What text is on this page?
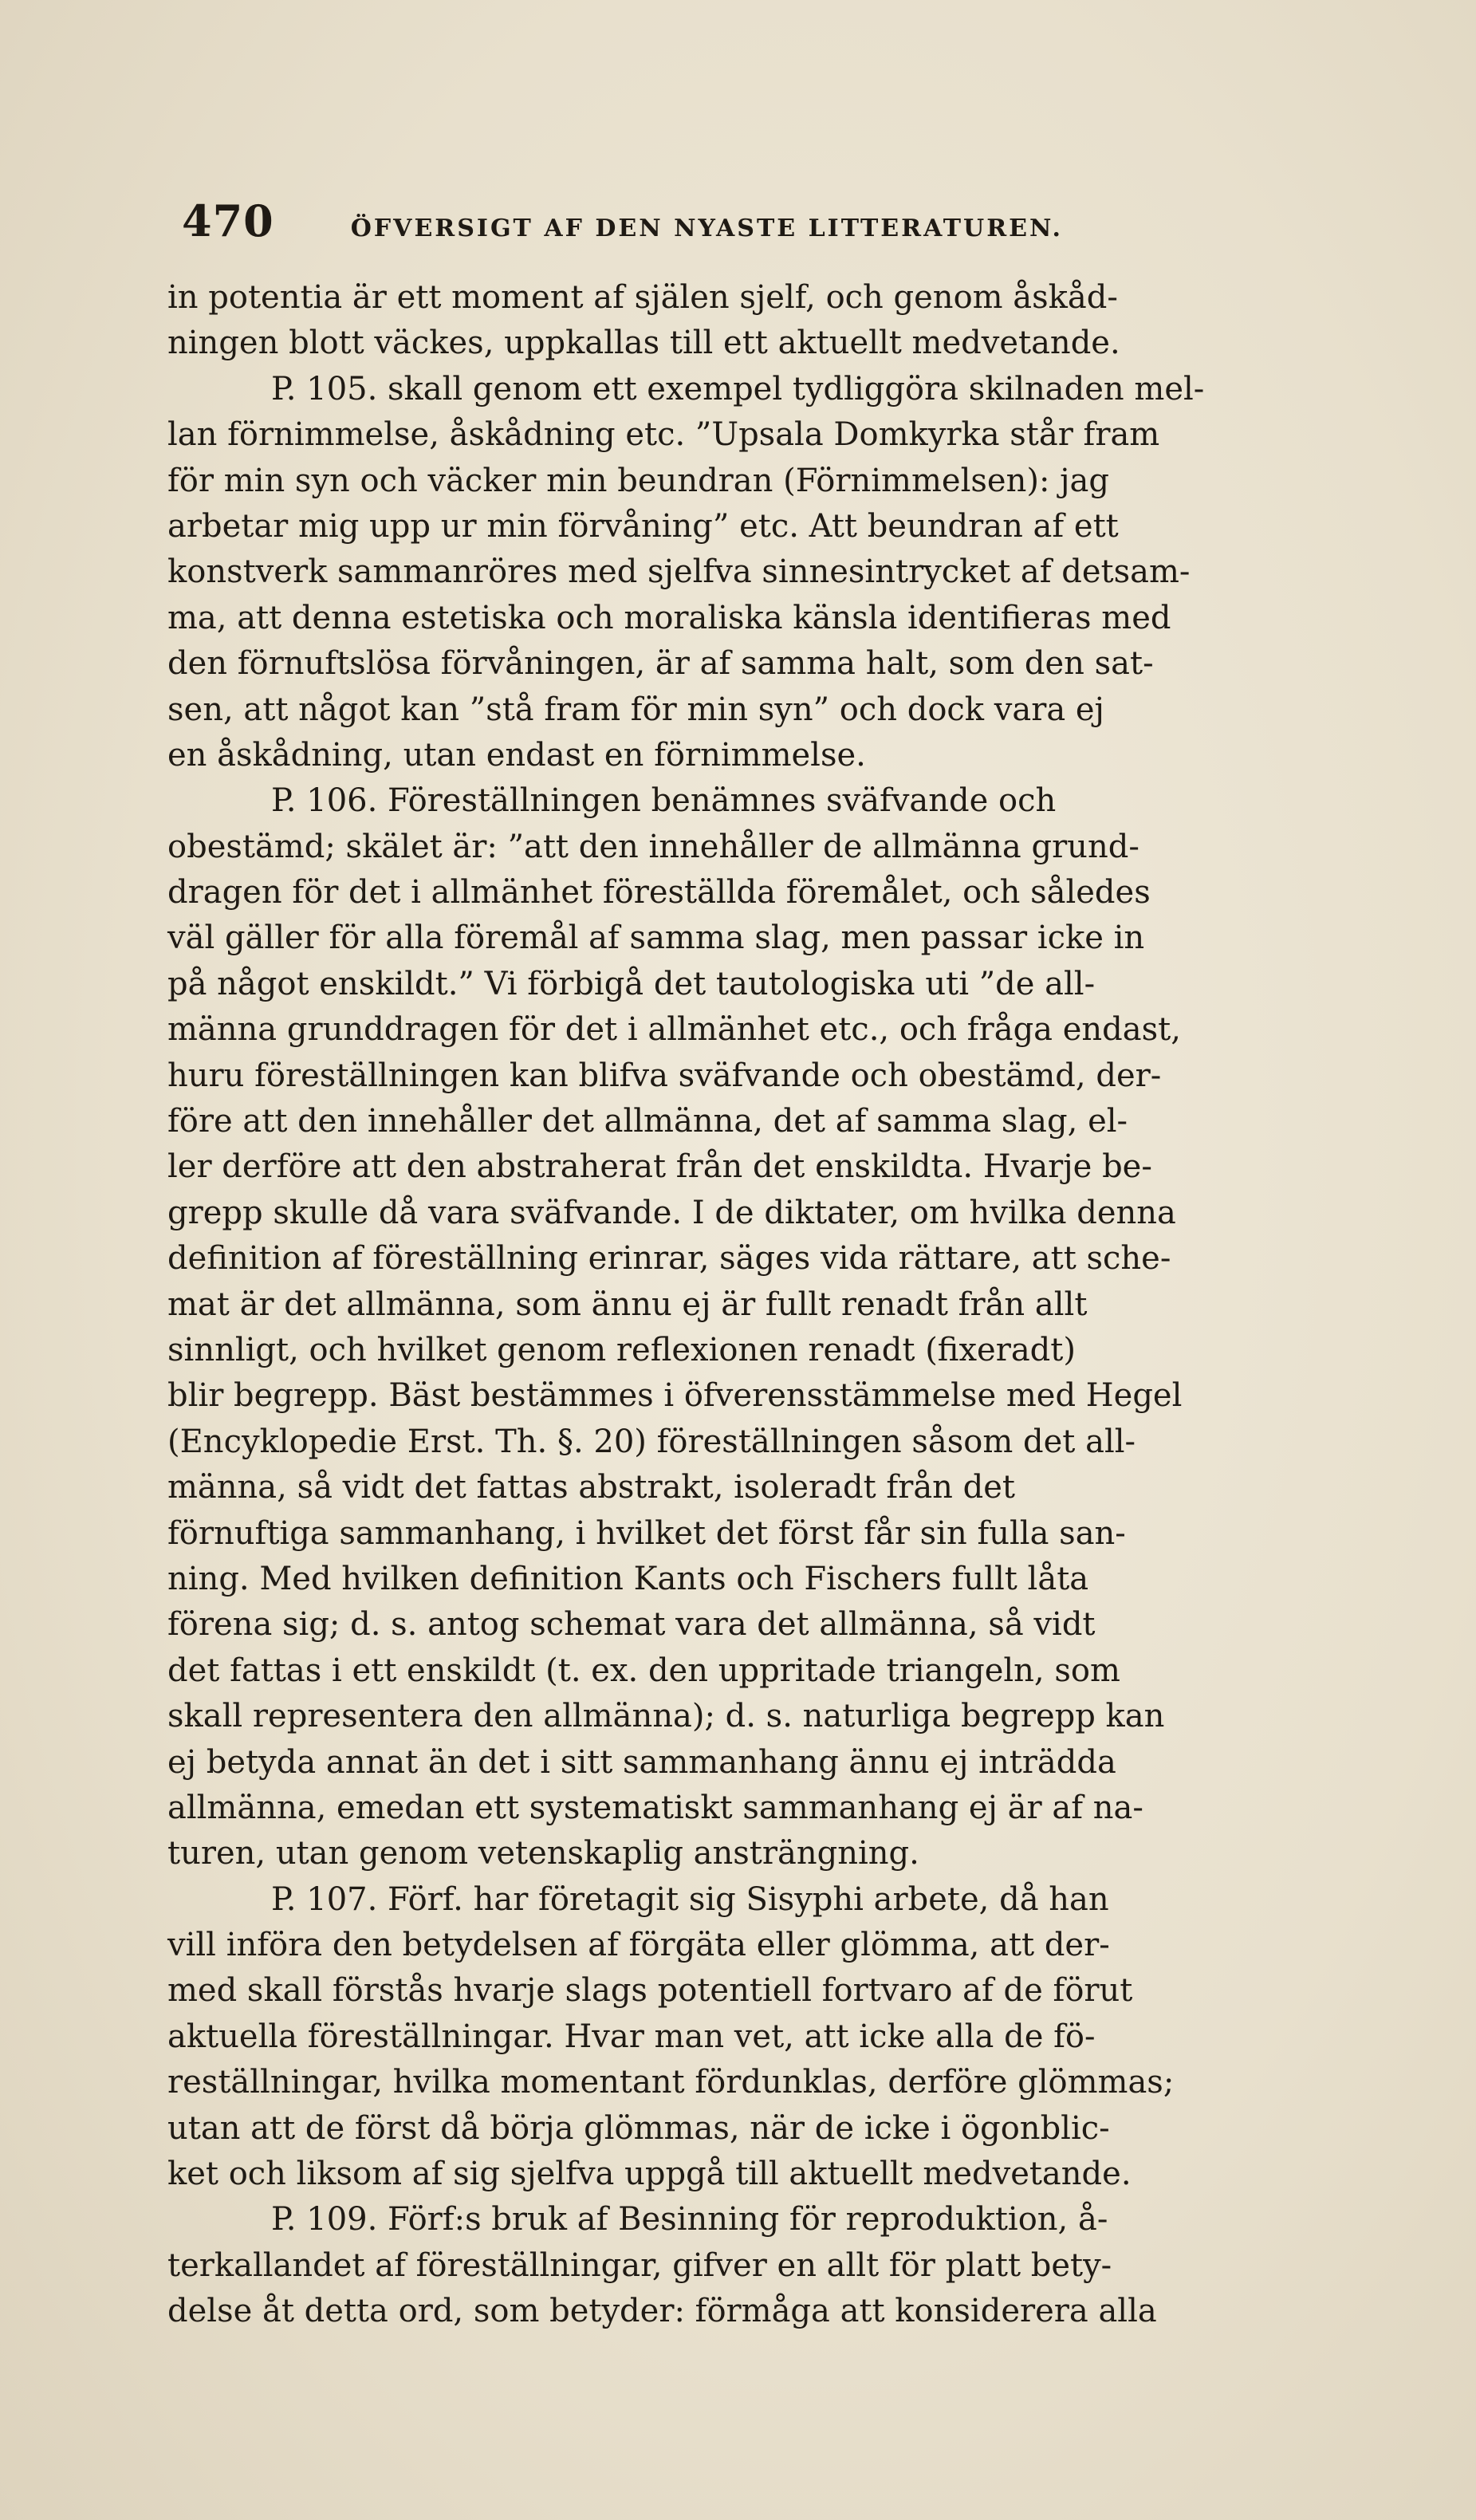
470	ÖFVERSIGT AF DEN NYASTE LITTERATUREN.
in potentia är ett moment af själen sjelf, och genom åskåd-
ningen blott väckes, uppkallas till ett aktuellt medvetande.
P. 105. skall genom ett exempel tydliggöra skilnaden mel-
lan förnimmelse, åskådning etc. ”Upsala Domkyrka står fram
för min syn och väcker min beundran (Förnimmelsen): jag
arbetar mig upp ur min förvåning” etc. Att beundran af ett
konstverk sammanröres med sjelfva sinnesintrycket af detsam-
ma, att denna estetiska och moraliska känsla identifieras med
den förnuftslösa förvåningen, är af samma halt, som den sat-
sen, att något kan ”stå fram för min syn” och dock vara ej
en åskådning, utan endast en förnimmelse.
P. 106. Föreställningen benämnes sväfvande och
obestämd; skälet är: ”att den innehåller de allmänna grund-
dragen för det i allmänhet föreställda föremålet, och således
väl gäller för alla föremål af samma slag, men passar icke in
på något enskildt.” Vi förbigå det tautologiska uti ”de all-
männa grunddragen för det i allmänhet etc., och fråga endast,
huru föreställningen kan blifva sväfvande och obestämd, der-
före att den innehåller det allmänna, det af samma slag, el-
ler derföre att den abstraherat från det enskildta. Hvarje be-
grepp skulle då vara sväfvande. I de diktater, om hvilka denna
definition af föreställning erinrar, säges vida rättare, att sche-
mat är det allmänna, som ännu ej är fullt renadt från allt
sinnligt, och hvilket genom reflexionen renadt (fixeradt)
blir begrepp. Bäst bestämmes i öfverensstämmelse med Hegel
(Encyklopedie Erst. Th. §. 20) föreställningen såsom det all-
männa, så vidt det fattas abstrakt, isoleradt från det
förnuftiga sammanhang, i hvilket det först får sin fulla san-
ning. Med hvilken definition Kants och Fischers fullt låta
förena sig; d. s. antog schemat vara det allmänna, så vidt
det fattas i ett enskildt (t. ex. den uppritade triangeln, som
skall representera den allmänna); d. s. naturliga begrepp kan
ej betyda annat än det i sitt sammanhang ännu ej inträdda
allmänna, emedan ett systematiskt sammanhang ej är af na-
turen, utan genom vetenskaplig ansträngning.
P. 107. Förf. har företagit sig Sisyphi arbete, då han
vill införa den betydelsen af förgäta eller glömma, att der-
med skall förstås hvarje slags potentiell fortvaro af de förut
aktuella föreställningar. Hvar man vet, att icke alla de fö-
reställningar, hvilka momentant fördunklas, derföre glömmas;
utan att de först då börja glömmas, när de icke i ögonblic-
ket och liksom af sig sjelfva uppgå till aktuellt medvetande.
P. 109. Förf:s bruk af Besinning för reproduktion, å-
terkallandet af föreställningar, gifver en allt för platt bety-
delse åt detta ord, som betyder: förmåga att konsiderera alla
